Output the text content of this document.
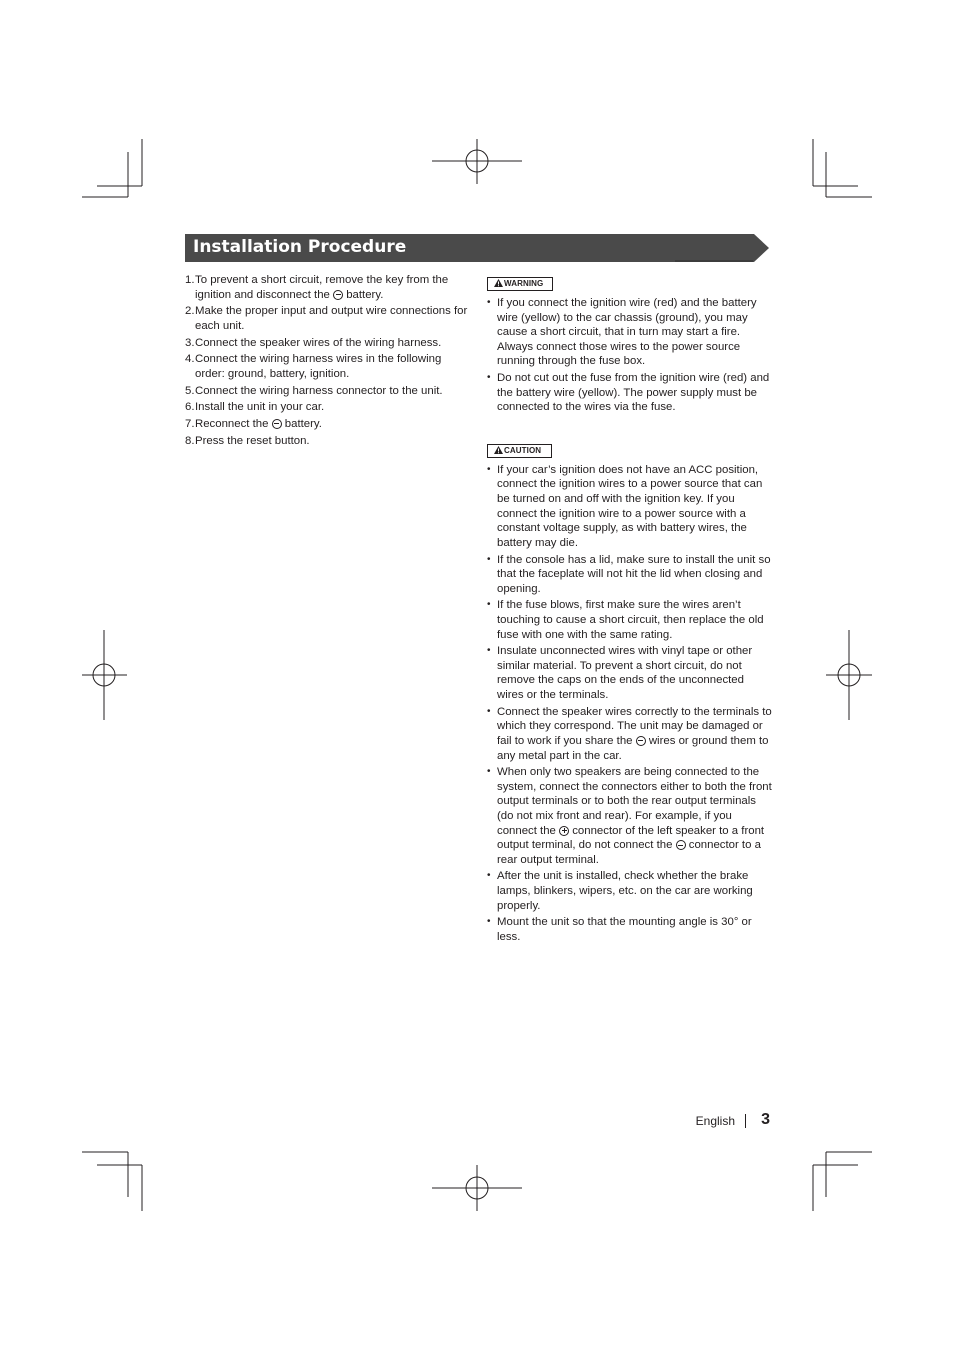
Installation Procedure
1. To prevent a short circuit, remove the key from the ignition and disconnect the  battery.
2. Make the proper input and output wire connections for each unit.
3. Connect the speaker wires of the wiring harness.
4. Connect the wiring harness wires in the following order: ground, battery, ignition.
5. Connect the wiring harness connector to the unit.
6. Install the unit in your car.
7. Reconnect the  battery.
8. Press the reset button.
WARNING
• If you connect the ignition wire (red) and the battery wire (yellow) to the car chassis (ground), you may cause a short circuit, that in turn may start a fire. Always connect those wires to the power source running through the fuse box.
• Do not cut out the fuse from the ignition wire (red) and the battery wire (yellow). The power supply must be connected to the wires via the fuse.
CAUTION
• If your car’s ignition does not have an ACC position, connect the ignition wires to a power source that can be turned on and off with the ignition key. If you connect the ignition wire to a power source with a constant voltage supply, as with battery wires, the battery may die.
• If the console has a lid, make sure to install the unit so that the faceplate will not hit the lid when closing and opening.
• If the fuse blows, first make sure the wires aren’t touching to cause a short circuit, then replace the old fuse with one with the same rating.
• Insulate unconnected wires with vinyl tape or other similar material. To prevent a short circuit, do not remove the caps on the ends of the unconnected wires or the terminals.
• Connect the speaker wires correctly to the terminals to which they correspond. The unit may be damaged or fail to work if you share the  wires or ground them to any metal part in the car.
• When only two speakers are being connected to the system, connect the connectors either to both the front output terminals or to both the rear output terminals (do not mix front and rear). For example, if you connect the  connector of the left speaker to a front output terminal, do not connect the  connector to a rear output terminal.
• After the unit is installed, check whether the brake lamps, blinkers, wipers, etc. on the car are working properly.
• Mount the unit so that the mounting angle is 30° or less.
English 3
